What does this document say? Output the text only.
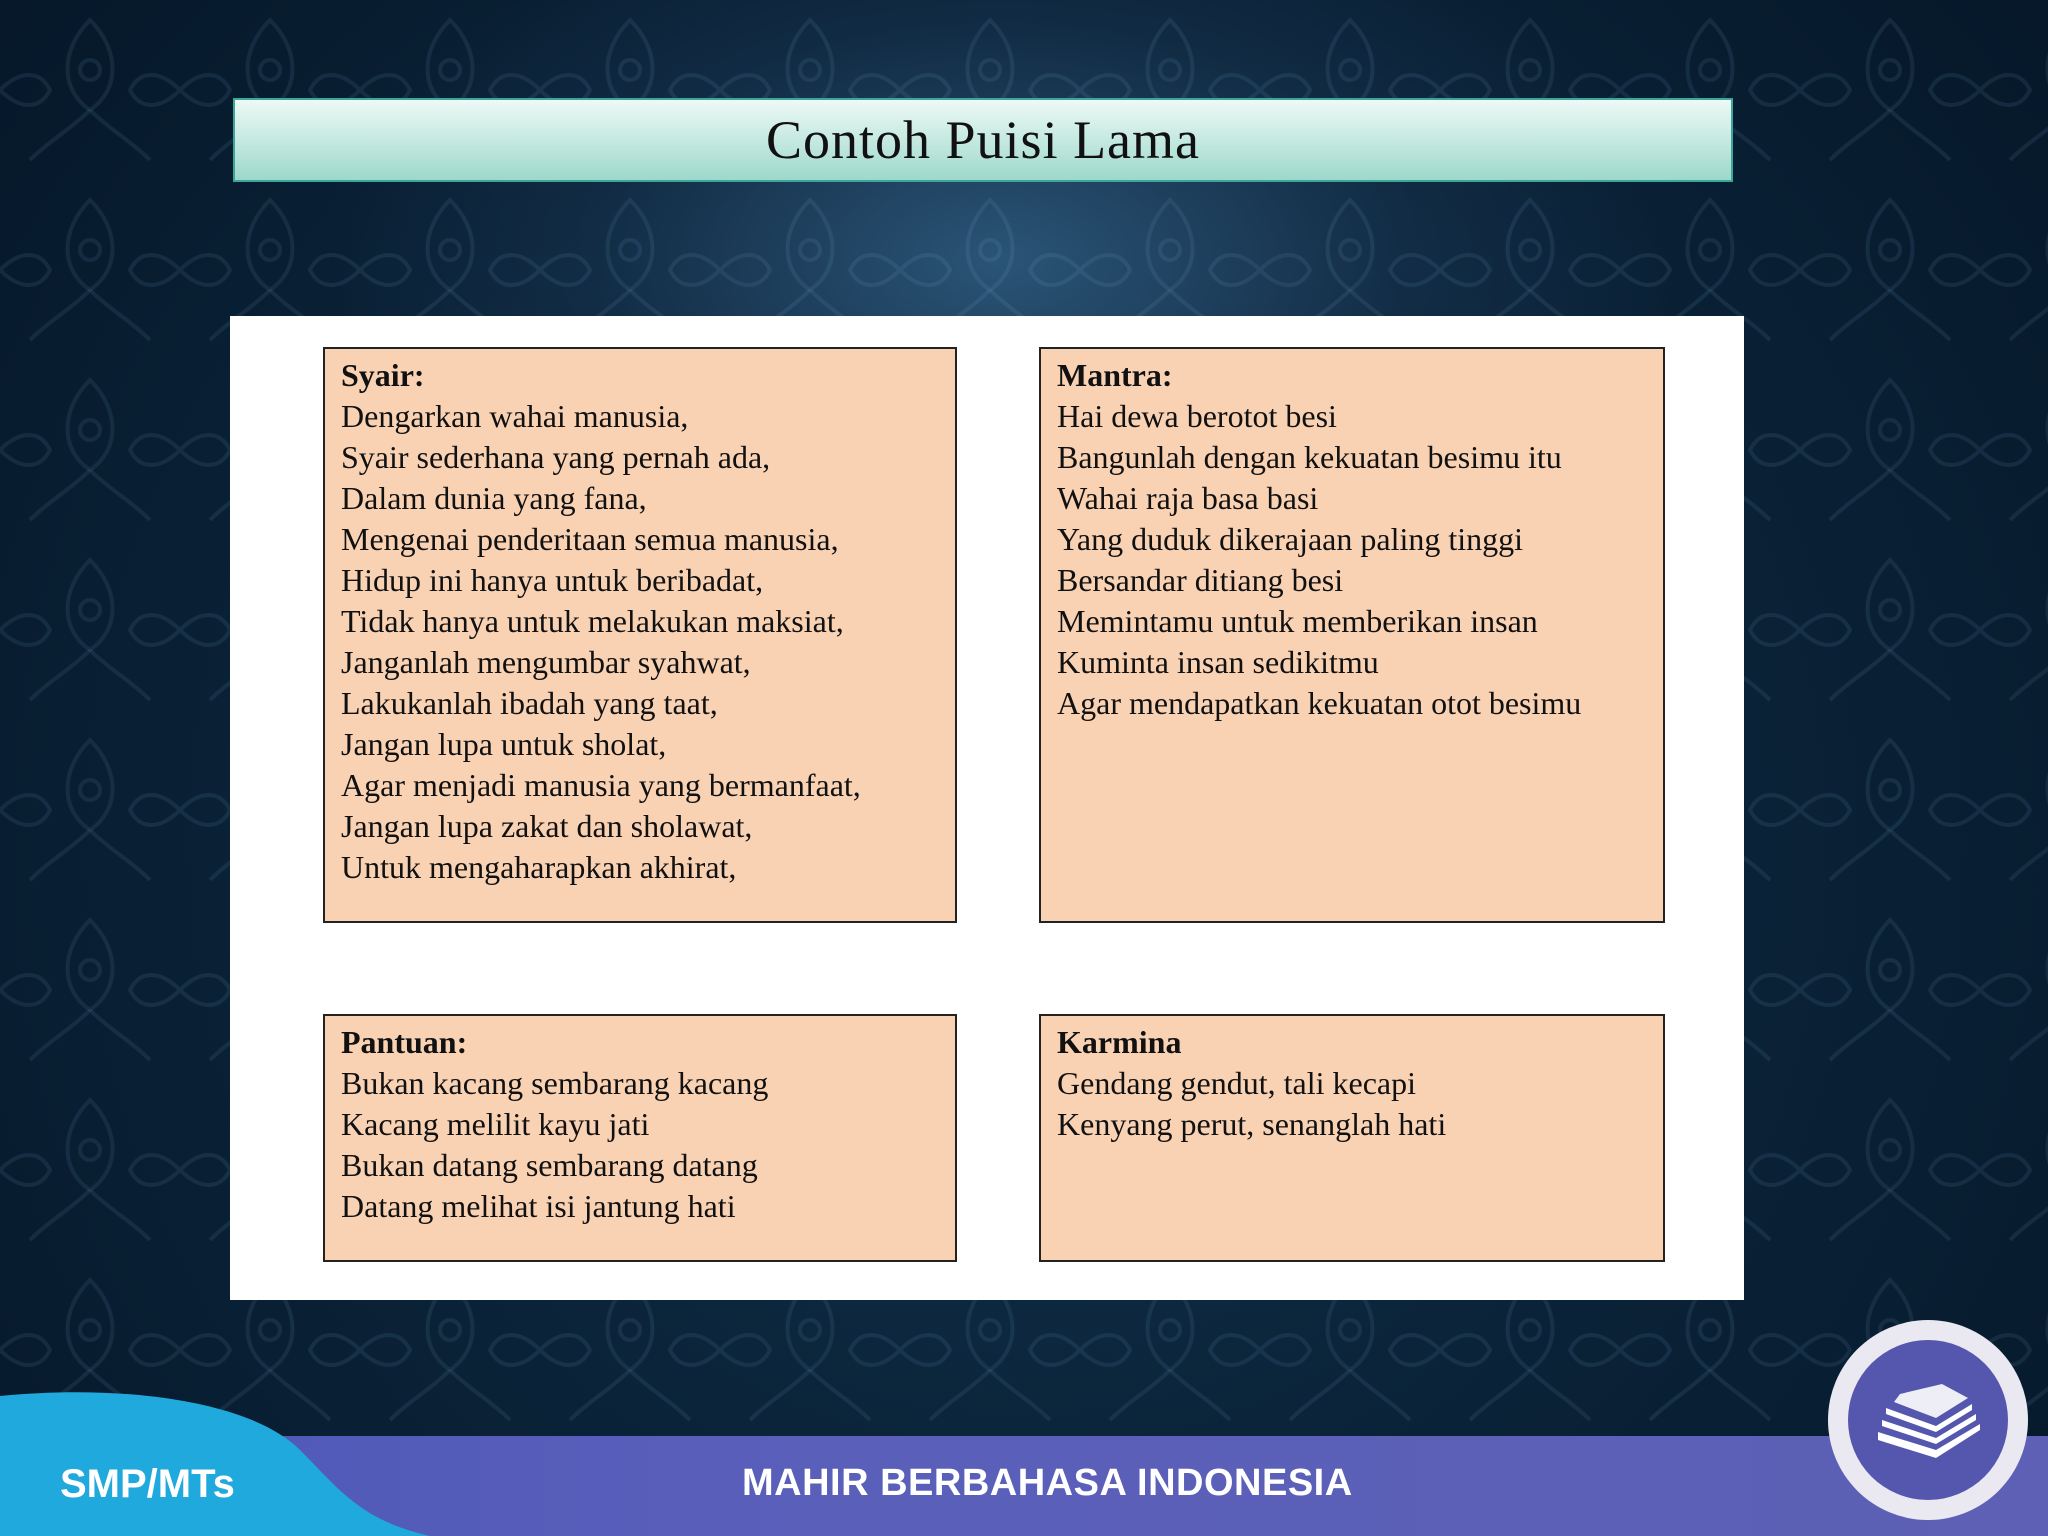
Contoh Puisi Lama
Syair:
Dengarkan wahai manusia,
Syair sederhana yang pernah ada,
Dalam dunia yang fana,
Mengenai penderitaan semua manusia,
Hidup ini hanya untuk beribadat,
Tidak hanya untuk melakukan maksiat,
Janganlah mengumbar syahwat,
Lakukanlah ibadah yang taat,
Jangan lupa untuk sholat,
Agar menjadi manusia yang bermanfaat,
Jangan lupa zakat dan sholawat,
Untuk mengaharapkan akhirat,
Mantra:
Hai dewa berotot besi
Bangunlah dengan kekuatan besimu itu
Wahai raja basa basi
Yang duduk dikerajaan paling tinggi
Bersandar ditiang besi
Memintamu untuk memberikan insan
Kuminta insan sedikitmu
Agar mendapatkan kekuatan otot besimu
Pantuan:
Bukan kacang sembarang kacang
Kacang melilit kayu jati
Bukan datang sembarang datang
Datang melihat isi jantung hati
Karmina
Gendang gendut, tali kecapi
Kenyang perut, senanglah hati
SMP/MTs	MAHIR BERBAHASA INDONESIA
